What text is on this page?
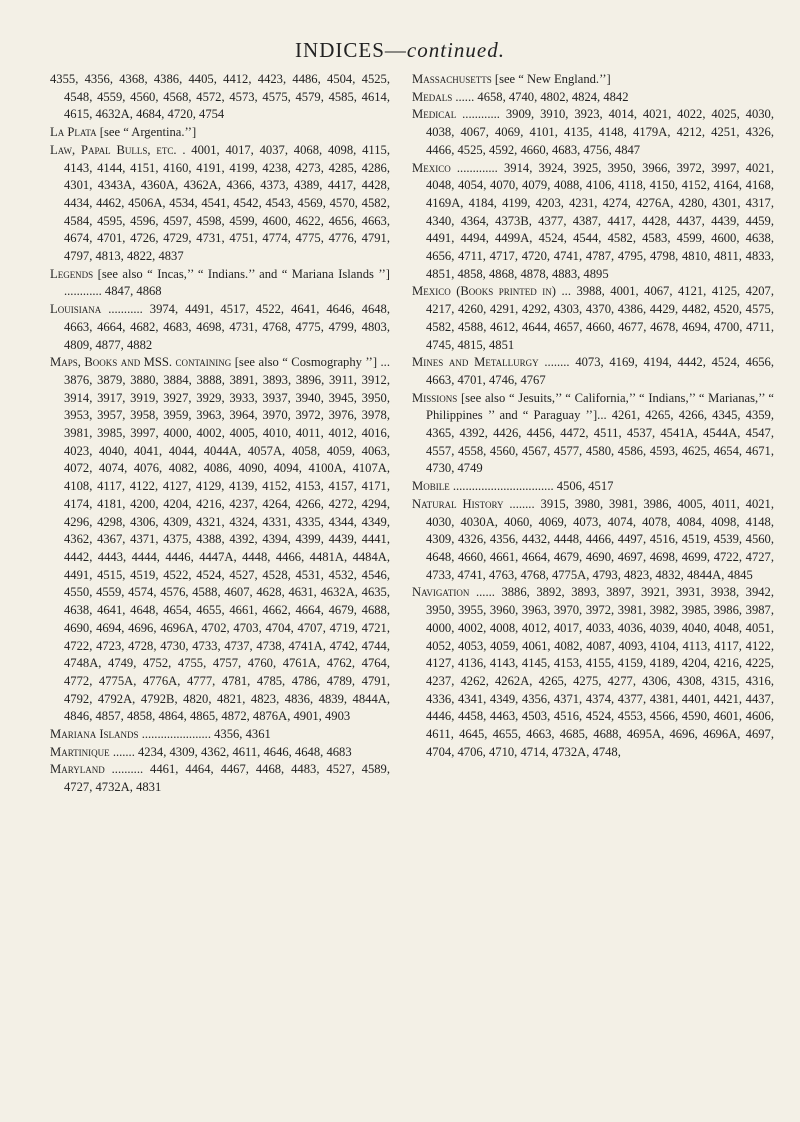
INDICES—continued.

4355, 4356, 4368, 4386, 4405, 4412, 4423, 4486, 4504, 4525, 4548, 4559, 4560, 4568, 4572, 4573, 4575, 4579, 4585, 4614, 4615, 4632A, 4684, 4720, 4754

La Plata [see “ Argentina.’’]

Law, Papal Bulls, etc. . 4001, 4017, 4037, 4068, 4098, 4115, 4143, 4144, 4151, 4160, 4191, 4199, 4238, 4273, 4285, 4286, 4301, 4343A, 4360A, 4362A, 4366, 4373, 4389, 4417, 4428, 4434, 4462, 4506A, 4534, 4541, 4542, 4543, 4569, 4570, 4582, 4584, 4595, 4596, 4597, 4598, 4599, 4600, 4622, 4656, 4663, 4674, 4701, 4726, 4729, 4731, 4751, 4774, 4775, 4776, 4791, 4797, 4813, 4822, 4837

Legends [see also “ Incas,’’ “ Indians.’’ and “ Mariana Islands ’’] ............ 4847, 4868

Louisiana ........... 3974, 4491, 4517, 4522, 4641, 4646, 4648, 4663, 4664, 4682, 4683, 4698, 4731, 4768, 4775, 4799, 4803, 4809, 4877, 4882

Maps, Books and MSS. containing [see also “ Cosmography ’’] ... 3876, 3879, 3880, 3884, 3888, 3891, 3893, 3896, 3911, 3912, 3914, 3917, 3919, 3927, 3929, 3933, 3937, 3940, 3945, 3950, 3953, 3957, 3958, 3959, 3963, 3964, 3970, 3972, 3976, 3978, 3981, 3985, 3997, 4000, 4002, 4005, 4010, 4011, 4012, 4016, 4023, 4040, 4041, 4044, 4044A, 4057A, 4058, 4059, 4063, 4072, 4074, 4076, 4082, 4086, 4090, 4094, 4100A, 4107A, 4108, 4117, 4122, 4127, 4129, 4139, 4152, 4153, 4157, 4171, 4174, 4181, 4200, 4204, 4216, 4237, 4264, 4266, 4272, 4294, 4296, 4298, 4306, 4309, 4321, 4324, 4331, 4335, 4344, 4349, 4362, 4367, 4371, 4375, 4388, 4392, 4394, 4399, 4439, 4441, 4442, 4443, 4444, 4446, 4447A, 4448, 4466, 4481A, 4484A, 4491, 4515, 4519, 4522, 4524, 4527, 4528, 4531, 4532, 4546, 4550, 4559, 4574, 4576, 4588, 4607, 4628, 4631, 4632A, 4635, 4638, 4641, 4648, 4654, 4655, 4661, 4662, 4664, 4679, 4688, 4690, 4694, 4696, 4696A, 4702, 4703, 4704, 4707, 4719, 4721, 4722, 4723, 4728, 4730, 4733, 4737, 4738, 4741A, 4742, 4744, 4748A, 4749, 4752, 4755, 4757, 4760, 4761A, 4762, 4764, 4772, 4775A, 4776A, 4777, 4781, 4785, 4786, 4789, 4791, 4792, 4792A, 4792B, 4820, 4821, 4823, 4836, 4839, 4844A, 4846, 4857, 4858, 4864, 4865, 4872, 4876A, 4901, 4903

Mariana Islands ...................... 4356, 4361

Martinique ....... 4234, 4309, 4362, 4611, 4646, 4648, 4683

Maryland .......... 4461, 4464, 4467, 4468, 4483, 4527, 4589, 4727, 4732A, 4831

Massachusetts [see “ New England.’’]

Medals ...... 4658, 4740, 4802, 4824, 4842

Medical ............ 3909, 3910, 3923, 4014, 4021, 4022, 4025, 4030, 4038, 4067, 4069, 4101, 4135, 4148, 4179A, 4212, 4251, 4326, 4466, 4525, 4592, 4660, 4683, 4756, 4847

Mexico ............. 3914, 3924, 3925, 3950, 3966, 3972, 3997, 4021, 4048, 4054, 4070, 4079, 4088, 4106, 4118, 4150, 4152, 4164, 4168, 4169A, 4184, 4199, 4203, 4231, 4274, 4276A, 4280, 4301, 4317, 4340, 4364, 4373B, 4377, 4387, 4417, 4428, 4437, 4439, 4459, 4491, 4494, 4499A, 4524, 4544, 4582, 4583, 4599, 4600, 4638, 4656, 4711, 4717, 4720, 4741, 4787, 4795, 4798, 4810, 4811, 4833, 4851, 4858, 4868, 4878, 4883, 4895

Mexico (Books printed in) ... 3988, 4001, 4067, 4121, 4125, 4207, 4217, 4260, 4291, 4292, 4303, 4370, 4386, 4429, 4482, 4520, 4575, 4582, 4588, 4612, 4644, 4657, 4660, 4677, 4678, 4694, 4700, 4711, 4745, 4815, 4851

Mines and Metallurgy ........ 4073, 4169, 4194, 4442, 4524, 4656, 4663, 4701, 4746, 4767

Missions [see also “ Jesuits,’’ “ California,’’ “ Indians,’’ “ Marianas,’’ “ Philippines ’’ and “ Paraguay ’’]... 4261, 4265, 4266, 4345, 4359, 4365, 4392, 4426, 4456, 4472, 4511, 4537, 4541A, 4544A, 4547, 4557, 4558, 4560, 4567, 4577, 4580, 4586, 4593, 4625, 4654, 4671, 4730, 4749

Mobile ................................ 4506, 4517

Natural History ........ 3915, 3980, 3981, 3986, 4005, 4011, 4021, 4030, 4030A, 4060, 4069, 4073, 4074, 4078, 4084, 4098, 4148, 4309, 4326, 4356, 4432, 4448, 4466, 4497, 4516, 4519, 4539, 4560, 4648, 4660, 4661, 4664, 4679, 4690, 4697, 4698, 4699, 4722, 4727, 4733, 4741, 4763, 4768, 4775A, 4793, 4823, 4832, 4844A, 4845

Navigation ...... 3886, 3892, 3893, 3897, 3921, 3931, 3938, 3942, 3950, 3955, 3960, 3963, 3970, 3972, 3981, 3982, 3985, 3986, 3987, 4000, 4002, 4008, 4012, 4017, 4033, 4036, 4039, 4040, 4048, 4051, 4052, 4053, 4059, 4061, 4082, 4087, 4093, 4104, 4113, 4117, 4122, 4127, 4136, 4143, 4145, 4153, 4155, 4159, 4189, 4204, 4216, 4225, 4237, 4262, 4262A, 4265, 4275, 4277, 4306, 4308, 4315, 4316, 4336, 4341, 4349, 4356, 4371, 4374, 4377, 4381, 4401, 4421, 4437, 4446, 4458, 4463, 4503, 4516, 4524, 4553, 4566, 4590, 4601, 4606, 4611, 4645, 4655, 4663, 4685, 4688, 4695A, 4696, 4696A, 4697, 4704, 4706, 4710, 4714, 4732A, 4748,
